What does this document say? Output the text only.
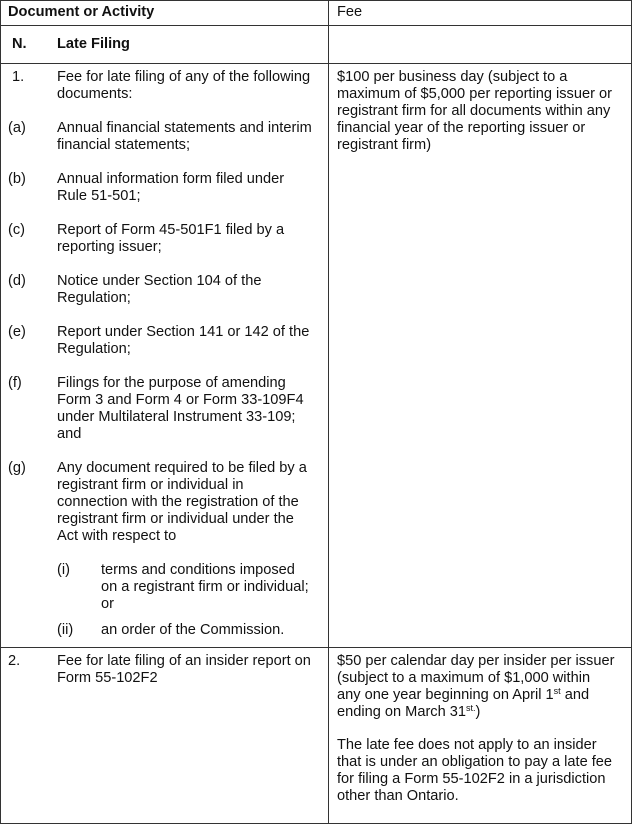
Document or Activity	Fee
N. Late Filing
1. Fee for late filing of any of the following
documents:
$100 per business day (subject to a
maximum of $5,000 per reporting issuer or
registrant firm for all documents within any
financial year of the reporting issuer or
registrant firm)
(a) Annual financial statements and interim
financial statements;
(b) Annual information form filed under
Rule 51-501;
(c) Report of Form 45-501F1 filed by a
reporting issuer;
(d) Notice under Section 104 of the
Regulation;
(e) Report under Section 141 or 142 of the
Regulation;
(f) Filings for the purpose of amending
Form 3 and Form 4 or Form 33-109F4
under Multilateral Instrument 33-109;
and
(g) Any document required to be filed by a
registrant firm or individual in
connection with the registration of the
registrant firm or individual under the
Act with respect to
(i) terms and conditions imposed
on a registrant firm or individual;
or
(ii) an order of the Commission.
2.	Fee for late filing of an insider report on
Form 55-102F2
$50 per calendar day per insider per issuer
(subject to a maximum of $1,000 within
any one year beginning on April 1st and
ending on March $31^{st.}$)
The late fee does not apply to an insider
that is under an obligation to pay a late fee
for filing a Form 55-102F2 in a jurisdiction
other than Ontario.
